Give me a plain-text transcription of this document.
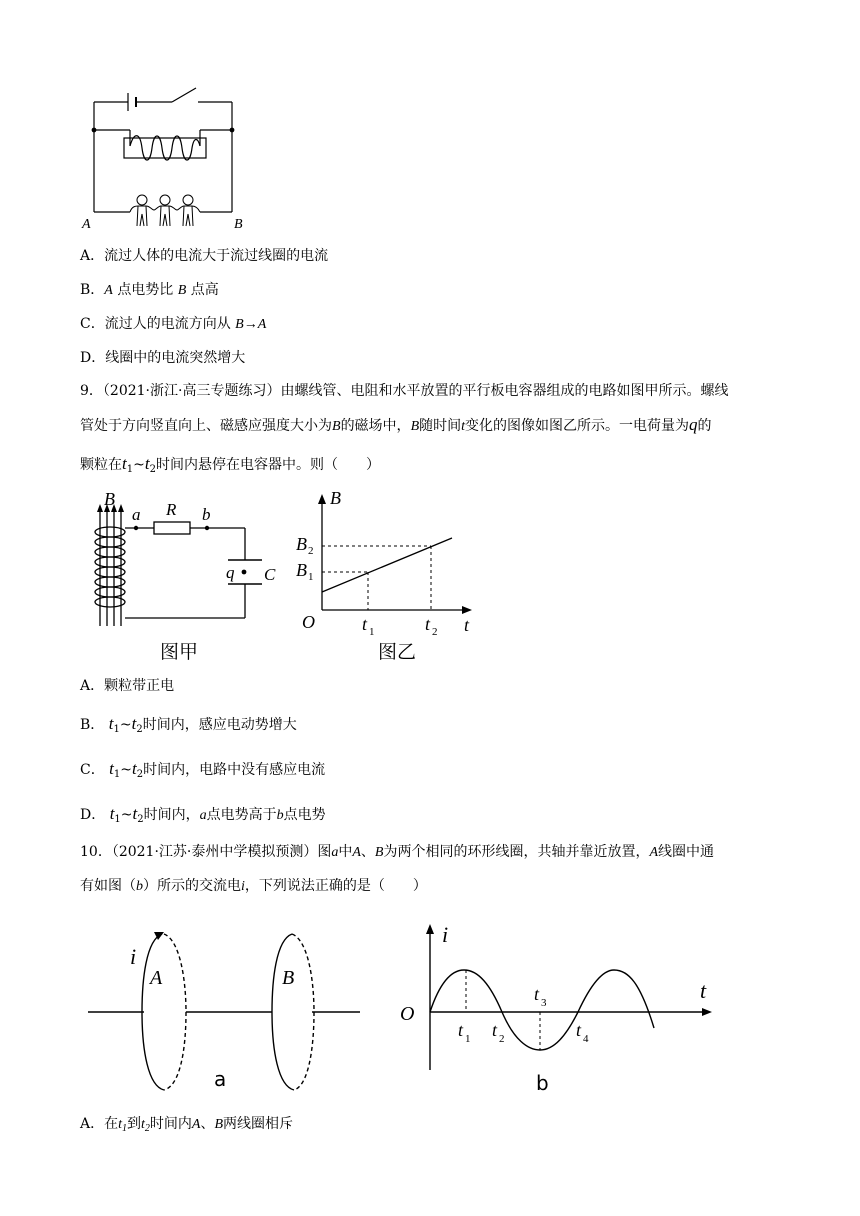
A	B
A．流过人体的电流大于流过线圈的电流
B．A 点电势比 B 点高
C．流过人的电流方向从 B→A
D．线圈中的电流突然增大
9．（2021·浙江·高三专题练习）由螺线管、电阻和水平放置的平行板电容器组成的电路如图甲所示。螺线
管处于方向竖直向上、磁感应强度大小为B的磁场中，B随时间t变化的图像如图乙所示。一电荷量为q的
颗粒在$t_1\sim t_2$时间内悬停在电容器中。则（　　）
B
a R b
q C
图甲
B
t
O
B 1
B 2
t 1	t 2
图乙
A．颗粒带正电
B． $t_1\sim t_2$时间内，感应电动势增大
C． $t_1\sim t_2$时间内，电路中没有感应电流
D． $t_1\sim t_2$时间内，a点电势高于b点电势
10．（2021·江苏·泰州中学模拟预测）图a中A、B为两个相同的环形线圈，共轴并靠近放置，A线圈中通
有如图（b）所示的交流电i，下列说法正确的是（　　）
i
A	B
a
i
t
O
t 1 t 2
t 3
t 4
b
A．在$t_1$到$t_2$时间内A、B两线圈相斥
